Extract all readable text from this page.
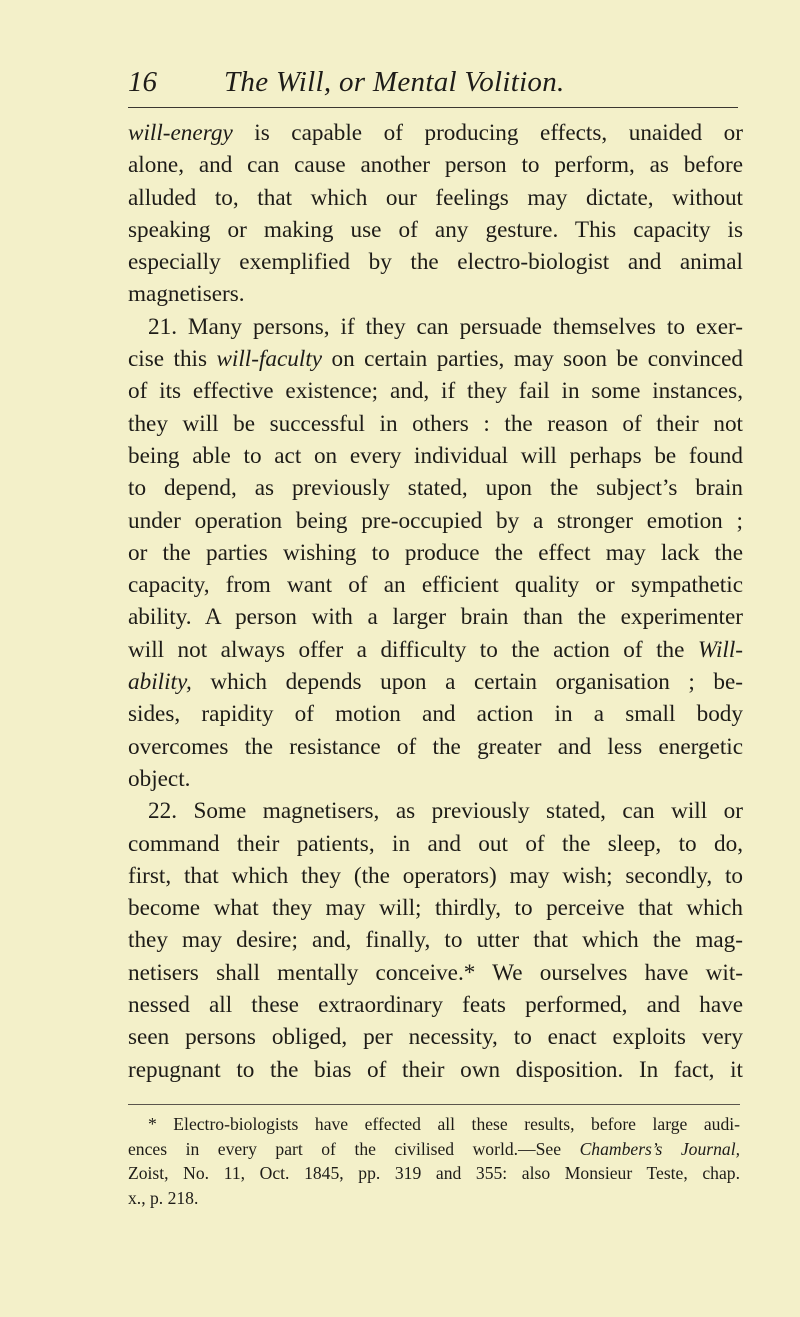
16 The Will, or Mental Volition.
will-energy is capable of producing effects, unaided or
alone, and can cause another person to perform, as before
alluded to, that which our feelings may dictate, without
speaking or making use of any gesture. This capacity is
especially exemplified by the electro-biologist and animal
magnetisers.
21. Many persons, if they can persuade themselves to exer-
cise this will-faculty on certain parties, may soon be convinced
of its effective existence; and, if they fail in some instances,
they will be successful in others : the reason of their not
being able to act on every individual will perhaps be found
to depend, as previously stated, upon the subject’s brain
under operation being pre-occupied by a stronger emotion ;
or the parties wishing to produce the effect may lack the
capacity, from want of an efficient quality or sympathetic
ability. A person with a larger brain than the experimenter
will not always offer a difficulty to the action of the Will-
ability, which depends upon a certain organisation ; be-
sides, rapidity of motion and action in a small body
overcomes the resistance of the greater and less energetic
object.
22. Some magnetisers, as previously stated, can will or
command their patients, in and out of the sleep, to do,
first, that which they (the operators) may wish; secondly, to
become what they may will; thirdly, to perceive that which
they may desire; and, finally, to utter that which the mag-
netisers shall mentally conceive.* We ourselves have wit-
nessed all these extraordinary feats performed, and have
seen persons obliged, per necessity, to enact exploits very
repugnant to the bias of their own disposition. In fact, it
* Electro-biologists have effected all these results, before large audi-
ences in every part of the civilised world.—See Chambers’s Journal,
Zoist, No. 11, Oct. 1845, pp. 319 and 355: also Monsieur Teste, chap.
x., p. 218.
